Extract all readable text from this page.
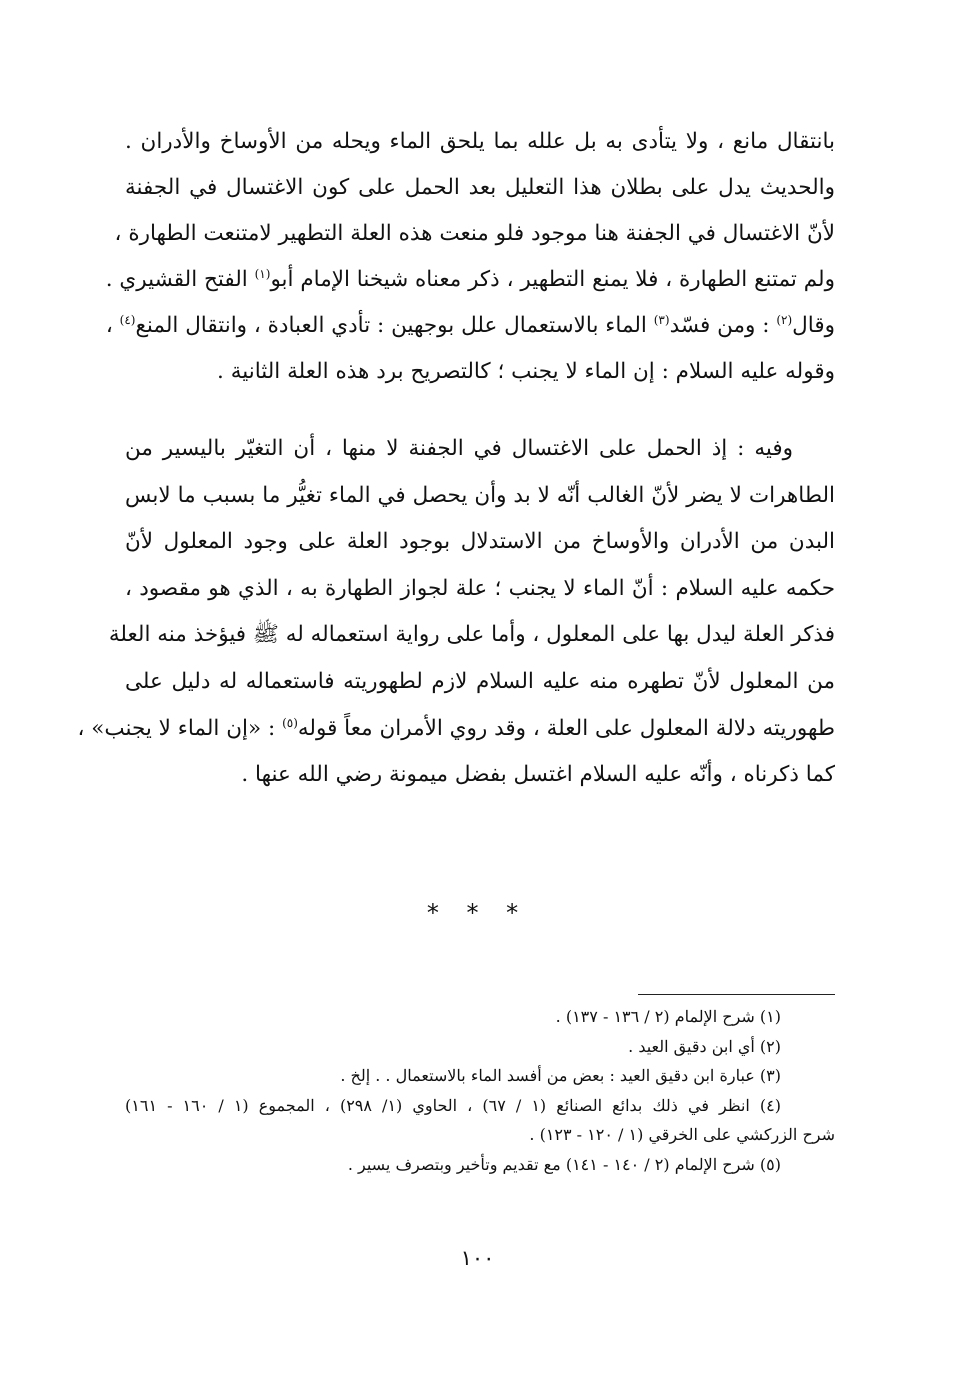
بانتقال مانع ، ولا يتأدى به بل علله بما يلحق الماء ويحله من الأوساخ والأدران .
والحديث يدل على بطلان هذا التعليل بعد الحمل على كون الاغتسال في الجفنة
لأنّ الاغتسال في الجفنة هنا موجود فلو منعت هذه العلة التطهير لامتنعت الطهارة ،
ولم تمتنع الطهارة ، فلا يمنع التطهير ، ذكر معناه شيخنا الإمام أبو$^{(١)}$ الفتح القشيري .
وقال$^{(٢)}$ : ومن فسّد$^{(٣)}$ الماء بالاستعمال علل بوجهين : تأدي العبادة ، وانتقال المنع$^{(٤)}$ ،
وقوله عليه السلام : إن الماء لا يجنب ؛ كالتصريح برد هذه العلة الثانية .
وفيه : إذ الحمل على الاغتسال في الجفنة لا منها ، أن التغيّر باليسير من
الطاهرات لا يضر لأنّ الغالب أنّه لا بد وأن يحصل في الماء تغيُّر ما بسبب ما لابس
البدن من الأدران والأوساخ من الاستدلال بوجود العلة على وجود المعلول لأنّ
حكمه عليه السلام : أنّ الماء لا يجنب ؛ علة لجواز الطهارة به ، الذي هو مقصود ،
فذكر العلة ليدل بها على المعلول ، وأما على رواية استعماله له ﷺ فيؤخذ منه العلة
من المعلول لأنّ تطهره منه عليه السلام لازم لطهوريته فاستعماله له دليل على
طهوريته دلالة المعلول على العلة ، وقد روي الأمران معاً قوله$^{(٥)}$ : «إن الماء لا يجنب» ،
كما ذكرناه ، وأنّه عليه السلام اغتسل بفضل ميمونة رضي الله عنها .
* * *
(١) شرح الإلمام (٢ / ١٣٦ - ١٣٧) .
(٢) أي ابن دقيق العيد .
(٣) عبارة ابن دقيق العيد : بعض من أفسد الماء بالاستعمال . . إلخ .
(٤) انظر في ذلك بدائع الصنائع (١ / ٦٧) ، الحاوي (١/ ٢٩٨) ، المجموع (١ / ١٦٠ - ١٦١)
شرح الزركشي على الخرقي (١ / ١٢٠ - ١٢٣) .
(٥) شرح الإلمام (٢ / ١٤٠ - ١٤١) مع تقديم وتأخير وبتصرف يسير .
١٠٠
